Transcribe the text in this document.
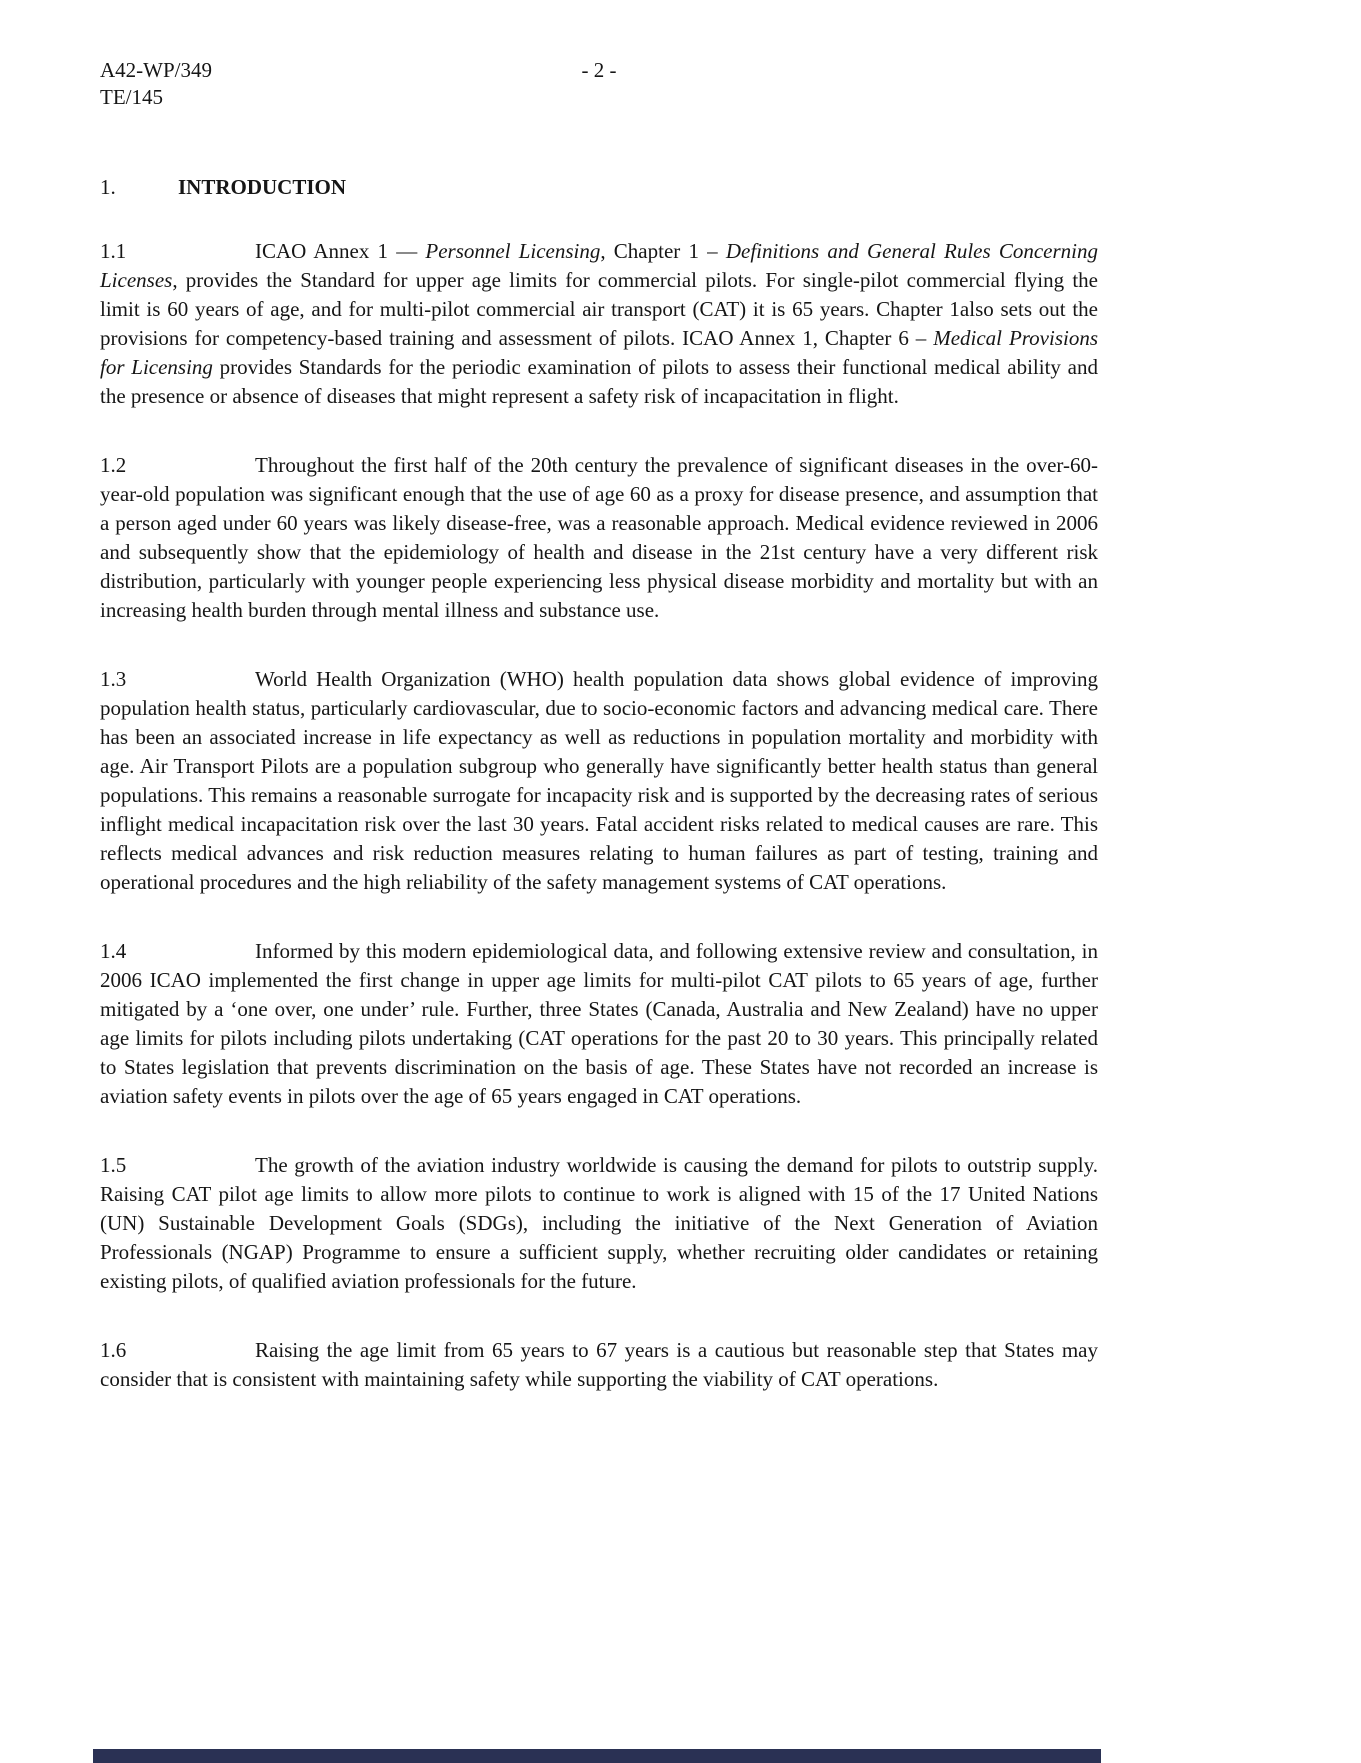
A42-WP/349
TE/145
- 2 -
1.	INTRODUCTION

1.1	ICAO Annex 1 — Personnel Licensing, Chapter 1 – Definitions and General Rules Concerning Licenses, provides the Standard for upper age limits for commercial pilots. For single-pilot commercial flying the limit is 60 years of age, and for multi-pilot commercial air transport (CAT) it is 65 years. Chapter 1also sets out the provisions for competency-based training and assessment of pilots. ICAO Annex 1, Chapter 6 – Medical Provisions for Licensing provides Standards for the periodic examination of pilots to assess their functional medical ability and the presence or absence of diseases that might represent a safety risk of incapacitation in flight.

1.2	Throughout the first half of the 20th century the prevalence of significant diseases in the over-60-year-old population was significant enough that the use of age 60 as a proxy for disease presence, and assumption that a person aged under 60 years was likely disease-free, was a reasonable approach. Medical evidence reviewed in 2006 and subsequently show that the epidemiology of health and disease in the 21st century have a very different risk distribution, particularly with younger people experiencing less physical disease morbidity and mortality but with an increasing health burden through mental illness and substance use.

1.3	World Health Organization (WHO) health population data shows global evidence of improving population health status, particularly cardiovascular, due to socio-economic factors and advancing medical care. There has been an associated increase in life expectancy as well as reductions in population mortality and morbidity with age. Air Transport Pilots are a population subgroup who generally have significantly better health status than general populations. This remains a reasonable surrogate for incapacity risk and is supported by the decreasing rates of serious inflight medical incapacitation risk over the last 30 years. Fatal accident risks related to medical causes are rare. This reflects medical advances and risk reduction measures relating to human failures as part of testing, training and operational procedures and the high reliability of the safety management systems of CAT operations.

1.4	Informed by this modern epidemiological data, and following extensive review and consultation, in 2006 ICAO implemented the first change in upper age limits for multi-pilot CAT pilots to 65 years of age, further mitigated by a ‘one over, one under’ rule. Further, three States (Canada, Australia and New Zealand) have no upper age limits for pilots including pilots undertaking (CAT operations for the past 20 to 30 years. This principally related to States legislation that prevents discrimination on the basis of age. These States have not recorded an increase is aviation safety events in pilots over the age of 65 years engaged in CAT operations.

1.5	The growth of the aviation industry worldwide is causing the demand for pilots to outstrip supply. Raising CAT pilot age limits to allow more pilots to continue to work is aligned with 15 of the 17 United Nations (UN) Sustainable Development Goals (SDGs), including the initiative of the Next Generation of Aviation Professionals (NGAP) Programme to ensure a sufficient supply, whether recruiting older candidates or retaining existing pilots, of qualified aviation professionals for the future.

1.6	Raising the age limit from 65 years to 67 years is a cautious but reasonable step that States may consider that is consistent with maintaining safety while supporting the viability of CAT operations.
